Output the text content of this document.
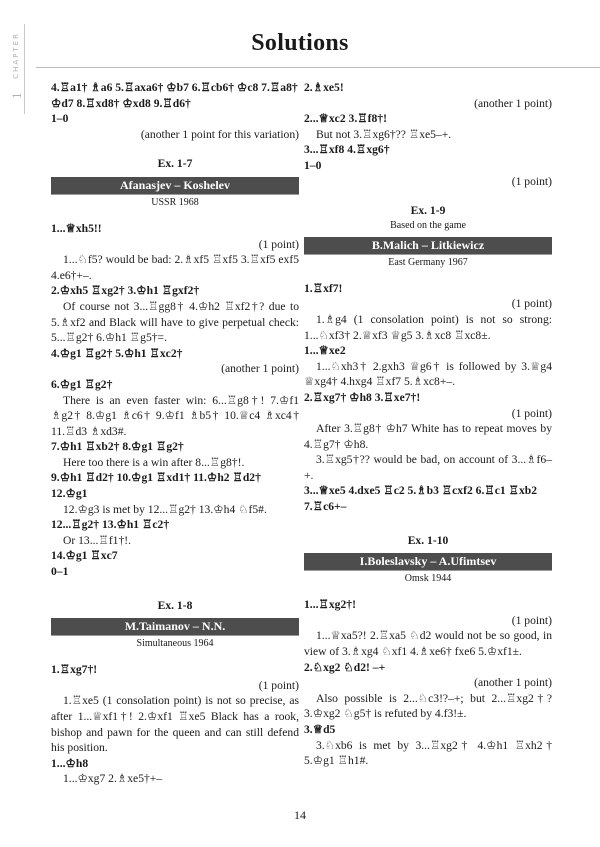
CHAPTER
1
Solutions
4.♖a1† ♗a6 5.♖axa6† ♔b7 6.♖cb6† ♔c8 7.♖a8† ♔d7 8.♖xd8† ♔xd8 9.♖d6†
1–0
(another 1 point for this variation)
Ex. 1-7
Afanasjev – Koshelev
USSR 1968
1...♕xh5!!
(1 point)
1...♘f5? would be bad: 2.♗xf5 ♖xf5 3.♖xf5 exf5 4.e6†+–.
2.♔xh5 ♖xg2† 3.♔h1 ♖gxf2†
Of course not 3...♖gg8† 4.♔h2 ♖xf2†? due to 5.♗xf2 and Black will have to give perpetual check: 5...♖g2† 6.♔h1 ♖g5†=.
4.♔g1 ♖g2† 5.♔h1 ♖xc2†
(another 1 point)
6.♔g1 ♖g2†
There is an even faster win: 6...♖g8†! 7.♔f1 ♗g2† 8.♔g1 ♗c6† 9.♔f1 ♗b5† 10.♕c4 ♗xc4† 11.♖d3 ♗xd3#.
7.♔h1 ♖xb2† 8.♔g1 ♖g2†
Here too there is a win after 8...♖g8†!.
9.♔h1 ♖d2† 10.♔g1 ♖xd1† 11.♔h2 ♖d2†
12.♔g1
12.♔g3 is met by 12...♖g2† 13.♔h4 ♘f5#.
12...♖g2† 13.♔h1 ♖c2†
Or 13...♖f1†!.
14.♔g1 ♖xc7
0–1
Ex. 1-8
M.Taimanov – N.N.
Simultaneous 1964
1.♖xg7†!
(1 point)
1.♖xe5 (1 consolation point) is not so precise, as after 1...♕xf1†! 2.♔xf1 ♖xe5 Black has a rook, bishop and pawn for the queen and can still defend his position.
1...♔h8
1...♔xg7 2.♗xe5†+–
2.♗xe5!
(another 1 point)
2...♕xc2 3.♖f8†!
But not 3.♖xg6†?? ♖xe5–+.
3...♖xf8 4.♖xg6†
1–0
(1 point)
Ex. 1-9
Based on the game
B.Malich – Litkiewicz
East Germany 1967
1.♖xf7!
(1 point)
1.♗g4 (1 consolation point) is not so strong: 1...♘xf3† 2.♕xf3 ♕g5 3.♗xc8 ♖xc8±.
1...♕xe2
1...♘xh3† 2.gxh3 ♕g6† is followed by 3.♕g4 ♕xg4† 4.hxg4 ♖xf7 5.♗xc8+–.
2.♖xg7† ♔h8 3.♖xe7†!
(1 point)
After 3.♖g8† ♔h7 White has to repeat moves by 4.♖g7† ♔h8.
3.♖xg5†?? would be bad, on account of 3...♗f6–+.
3...♕xe5 4.dxe5 ♖c2 5.♗b3 ♖cxf2 6.♖c1 ♖xb2 7.♖c6+–
Ex. 1-10
I.Boleslavsky – A.Ufimtsev
Omsk 1944
1...♖xg2†!
(1 point)
1...♕xa5?! 2.♖xa5 ♘d2 would not be so good, in view of 3.♗xg4 ♘xf1 4.♗xe6† fxe6 5.♔xf1±.
2.♘xg2 ♘d2! –+
(another 1 point)
Also possible is 2...♘c3!?–+; but 2...♖xg2†? 3.♔xg2 ♘g5† is refuted by 4.f3!±.
3.♕d5
3.♘xb6 is met by 3...♖xg2† 4.♔h1 ♖xh2† 5.♔g1 ♖h1#.
14
